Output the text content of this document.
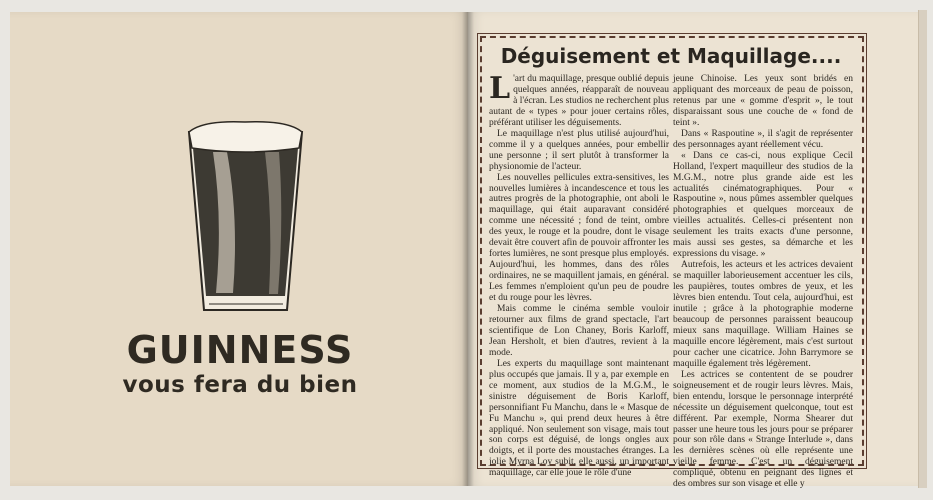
GUINNESS
vous fera du bien
Déguisement et Maquillage....

L 'art du maquillage, presque oublié depuis quelques années, réapparaît de nouveau à l'écran. Les studios ne recherchent plus autant de « types » pour jouer certains rôles, préférant utiliser les déguisements.

Le maquillage n'est plus utilisé aujourd'hui, comme il y a quelques années, pour embellir une personne ; il sert plutôt à transformer la physionomie de l'acteur.

Les nouvelles pellicules extra-sensitives, les nouvelles lumières à incandescence et tous les autres progrès de la photographie, ont aboli le maquillage, qui était auparavant considéré comme une nécessité ; fond de teint, ombre des yeux, le rouge et la poudre, dont le visage devait être couvert afin de pouvoir affronter les fortes lumières, ne sont presque plus employés. Aujourd'hui, les hommes, dans des rôles ordinaires, ne se maquillent jamais, en général. Les femmes n'emploient qu'un peu de poudre et du rouge pour les lèvres.

Mais comme le cinéma semble vouloir retourner aux films de grand spectacle, l'art scientifique de Lon Chaney, Boris Karloff, Jean Hersholt, et bien d'autres, revient à la mode.

Les experts du maquillage sont maintenant plus occupés que jamais. Il y a, par exemple en ce moment, aux studios de la M.G.M., le sinistre déguisement de Boris Karloff, personnifiant Fu Manchu, dans le « Masque de Fu Manchu », qui prend deux heures à être appliqué. Non seulement son visage, mais tout son corps est déguisé, de longs ongles aux doigts, et il porte des moustaches étranges. La jolie Myrna Loy subit, elle aussi, un important maquillage, car elle joue le rôle d'une

jeune Chinoise. Les yeux sont bridés en appliquant des morceaux de peau de poisson, retenus par une « gomme d'esprit », le tout disparaissant sous une couche de « fond de teint ».

Dans « Raspoutine », il s'agit de représenter des personnages ayant réellement vécu.

« Dans ce cas-ci, nous explique Cecil Holland, l'expert maquilleur des studios de la M.G.M., notre plus grande aide est les actualités cinématographiques. Pour « Raspoutine », nous pûmes assembler quelques photographies et quelques morceaux de vieilles actualités. Celles-ci présentent non seulement les traits exacts d'une personne, mais aussi ses gestes, sa démarche et les expressions du visage. »

Autrefois, les acteurs et les actrices devaient se maquiller laborieusement accentuer les cils, les paupières, toutes ombres de yeux, et les lèvres bien entendu. Tout cela, aujourd'hui, est inutile ; grâce à la photographie moderne beaucoup de personnes paraissent beaucoup mieux sans maquillage. William Haines se maquille encore légèrement, mais c'est surtout pour cacher une cicatrice. John Barrymore se maquille également très légèrement.

Les actrices se contentent de se poudrer soigneusement et de rougir leurs lèvres. Mais, bien entendu, lorsque le personnage interprété nécessite un déguisement quelconque, tout est différent. Par exemple, Norma Shearer dut passer une heure tous les jours pour se préparer pour son rôle dans « Strange Interlude », dans les dernières scènes où elle représente une vieille femme. C'est un déguisement compliqué, obtenu en peignant des lignes et des ombres sur son visage et elle y
